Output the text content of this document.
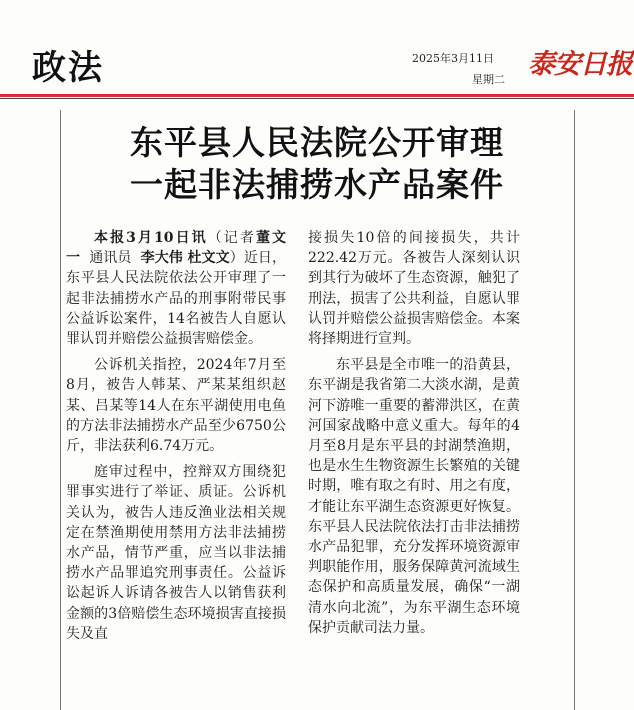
政法	2025年3月11日
星期二 泰安日报
东平县人民法院公开审理
一起非法捕捞水产品案件

本报3月10日讯（记者董文一 通讯员 李大伟 杜文文）近日，东平县人民法院依法公开审理了一起非法捕捞水产品的刑事附带民事公益诉讼案件，14名被告人自愿认罪认罚并赔偿公益损害赔偿金。

公诉机关指控，2024年7月至8月，被告人韩某、严某某组织赵某、吕某等14人在东平湖使用电鱼的方法非法捕捞水产品至少6750公斤，非法获利6.74万元。

庭审过程中，控辩双方围绕犯罪事实进行了举证、质证。公诉机关认为，被告人违反渔业法相关规定在禁渔期使用禁用方法非法捕捞水产品，情节严重，应当以非法捕捞水产品罪追究刑事责任。公益诉讼起诉人诉请各被告人以销售获利金额的3倍赔偿生态环境损害直接损失及直

接损失10倍的间接损失，共计222.42万元。各被告人深刻认识到其行为破坏了生态资源，触犯了刑法，损害了公共利益，自愿认罪认罚并赔偿公益损害赔偿金。本案将择期进行宣判。

东平县是全市唯一的沿黄县，东平湖是我省第二大淡水湖，是黄河下游唯一重要的蓄滞洪区，在黄河国家战略中意义重大。每年的4月至8月是东平县的封湖禁渔期，也是水生生物资源生长繁殖的关键时期，唯有取之有时、用之有度，才能让东平湖生态资源更好恢复。东平县人民法院依法打击非法捕捞水产品犯罪，充分发挥环境资源审判职能作用，服务保障黄河流域生态保护和高质量发展，确保“一湖清水向北流”，为东平湖生态环境保护贡献司法力量。
